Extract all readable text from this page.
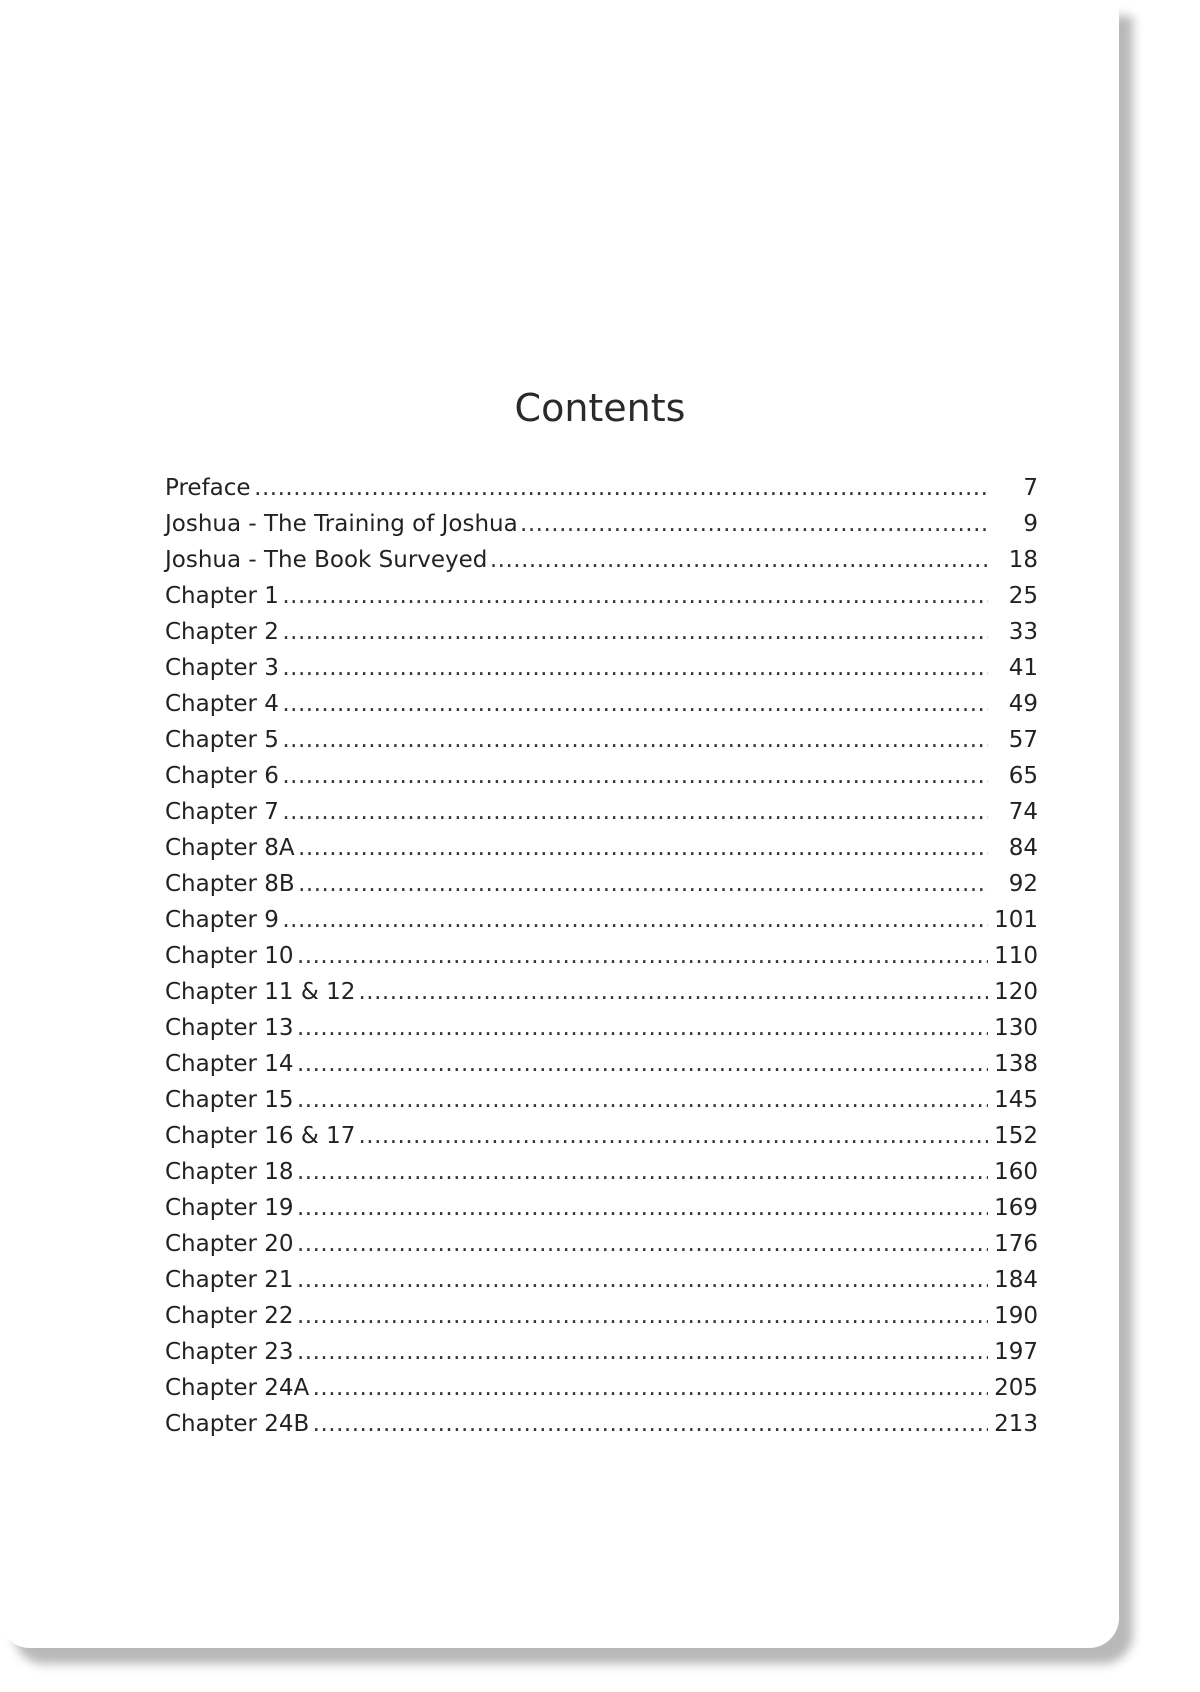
Contents
Preface .....	7
Joshua - The Training of Joshua .....	9
Joshua - The Book Surveyed .....	18
Chapter 1 .....	25
Chapter 2 .....	33
Chapter 3 .....	41
Chapter 4 .....	49
Chapter 5 .....	57
Chapter 6 .....	65
Chapter 7 .....	74
Chapter 8A .....	84
Chapter 8B .....	92
Chapter 9 .....	101
Chapter 10 .....	110
Chapter 11 & 12 .....	120
Chapter 13 .....	130
Chapter 14 .....	138
Chapter 15 .....	145
Chapter 16 & 17 .....	152
Chapter 18 .....	160
Chapter 19 .....	169
Chapter 20 .....	176
Chapter 21 .....	184
Chapter 22 .....	190
Chapter 23 .....	197
Chapter 24A .....	205
Chapter 24B .....	213
